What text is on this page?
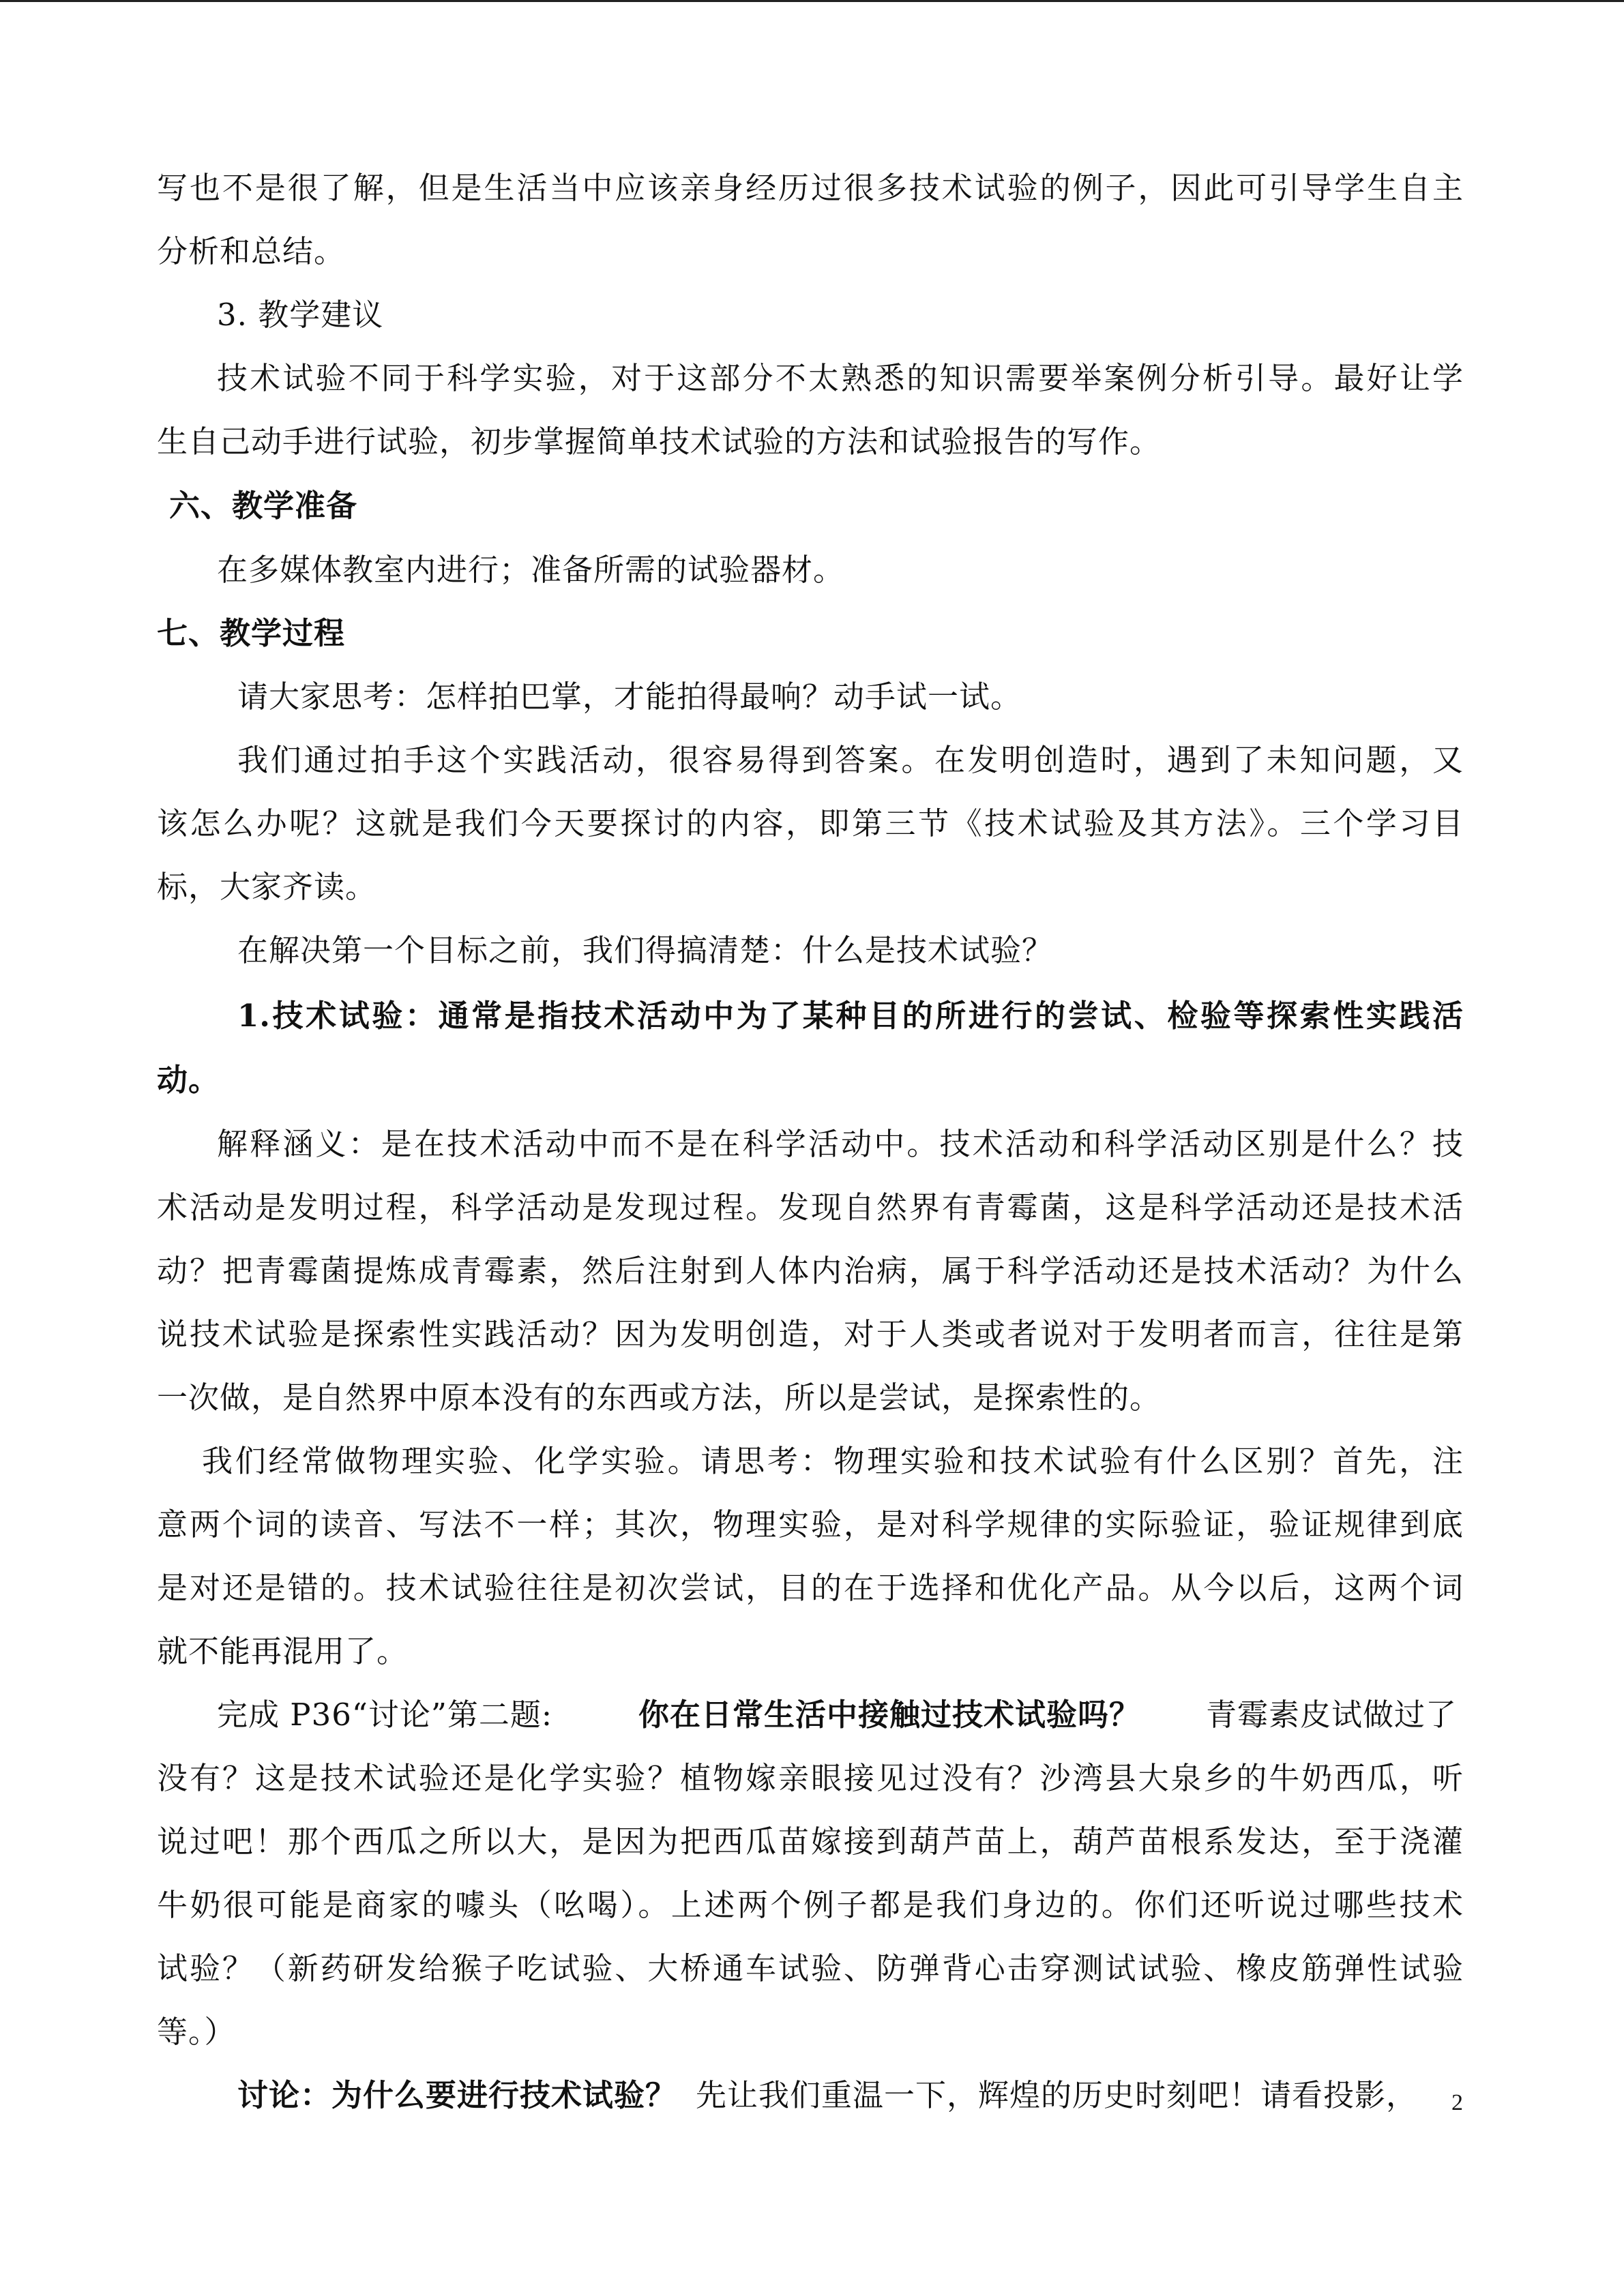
写也不是很了解，但是生活当中应该亲身经历过很多技术试验的例子，因此可引导学生自主
分析和总结。
3. 教学建议
技术试验不同于科学实验，对于这部分不太熟悉的知识需要举案例分析引导。最好让学
生自己动手进行试验，初步掌握简单技术试验的方法和试验报告的写作。
六、教学准备
在多媒体教室内进行；准备所需的试验器材。
七、教学过程
请大家思考：怎样拍巴掌，才能拍得最响？动手试一试。
我们通过拍手这个实践活动，很容易得到答案。在发明创造时，遇到了未知问题，又
该怎么办呢？这就是我们今天要探讨的内容，即第三节《技术试验及其方法》。三个学习目
标，大家齐读。
在解决第一个目标之前，我们得搞清楚：什么是技术试验？
1.技术试验：通常是指技术活动中为了某种目的所进行的尝试、检验等探索性实践活
动。
解释涵义：是在技术活动中而不是在科学活动中。技术活动和科学活动区别是什么？技
术活动是发明过程，科学活动是发现过程。发现自然界有青霉菌，这是科学活动还是技术活
动？把青霉菌提炼成青霉素，然后注射到人体内治病，属于科学活动还是技术活动？为什么
说技术试验是探索性实践活动？因为发明创造，对于人类或者说对于发明者而言，往往是第
一次做，是自然界中原本没有的东西或方法，所以是尝试，是探索性的。
我们经常做物理实验、化学实验。请思考：物理实验和技术试验有什么区别？首先，注
意两个词的读音、写法不一样；其次，物理实验，是对科学规律的实际验证，验证规律到底
是对还是错的。技术试验往往是初次尝试，目的在于选择和优化产品。从今以后，这两个词
就不能再混用了。
完成 P36“讨论”第二题:	你在日常生活中接触过技术试验吗？ 青霉素皮试做过了
没有？这是技术试验还是化学实验？植物嫁亲眼接见过没有？沙湾县大泉乡的牛奶西瓜，听
说过吧！那个西瓜之所以大，是因为把西瓜苗嫁接到葫芦苗上，葫芦苗根系发达，至于浇灌
牛奶很可能是商家的噱头（吆喝）。上述两个例子都是我们身边的。你们还听说过哪些技术
试验？（新药研发给猴子吃试验、大桥通车试验、防弹背心击穿测试试验、橡皮筋弹性试验
等。）
讨论：为什么要进行技术试验？ 先让我们重温一下，辉煌的历史时刻吧！请看投影， 2
